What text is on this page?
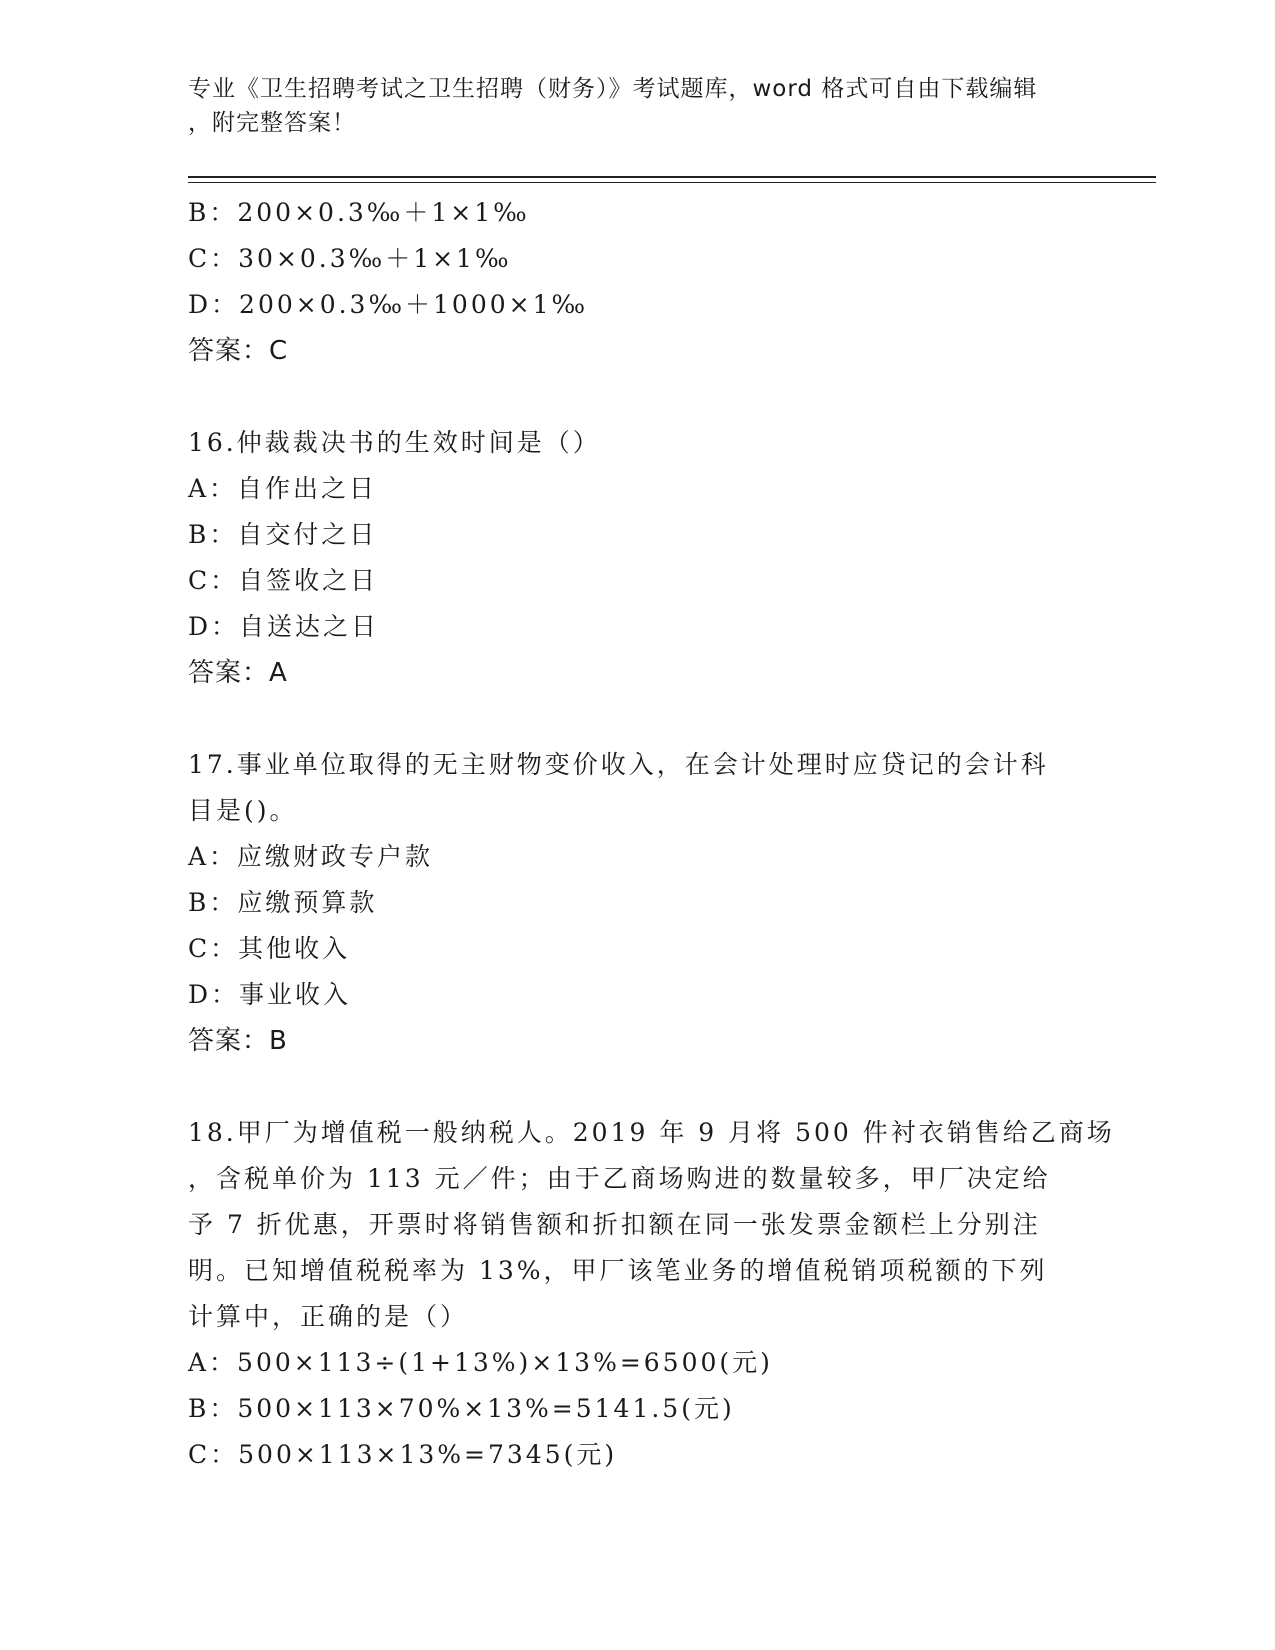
专业《卫生招聘考试之卫生招聘（财务）》考试题库，word 格式可自由下载编辑
，附完整答案！
B：200×0.3‰＋1×1‰
C：30×0.3‰＋1×1‰
D：200×0.3‰＋1000×1‰
答案：C
16.仲裁裁决书的生效时间是（）
A：自作出之日
B：自交付之日
C：自签收之日
D：自送达之日
答案：A
17.事业单位取得的无主财物变价收入，在会计处理时应贷记的会计科
目是()。
A：应缴财政专户款
B：应缴预算款
C：其他收入
D：事业收入
答案：B
18.甲厂为增值税一般纳税人。2019 年 9 月将 500 件衬衣销售给乙商场
，含税单价为 113 元／件；由于乙商场购进的数量较多，甲厂决定给
予 7 折优惠，开票时将销售额和折扣额在同一张发票金额栏上分别注
明。已知增值税税率为 13%，甲厂该笔业务的增值税销项税额的下列
计算中，正确的是（）
A：500×113÷(1+13%)×13%=6500(元)
B：500×113×70%×13%=5141.5(元)
C：500×113×13%=7345(元)
